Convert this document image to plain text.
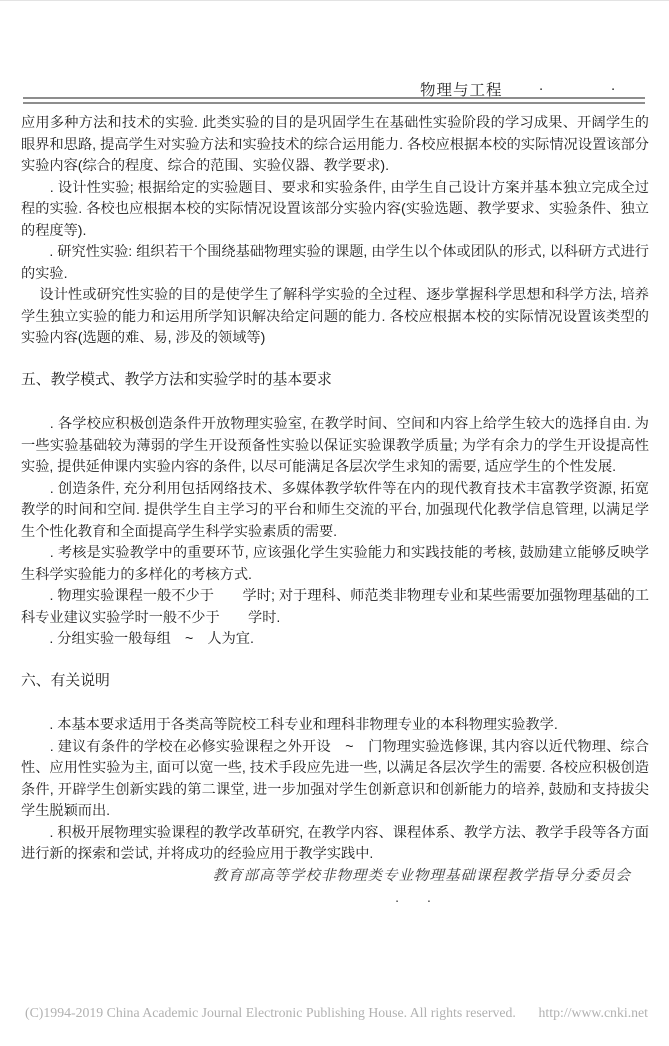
物理与工程 .	.

应用多种方法和技术的实验. 此类实验的目的是巩固学生在基础性实验阶段的学习成果、开阔学生的眼界和思路, 提高学生对实验方法和实验技术的综合运用能力. 各校应根据本校的实际情况设置该部分实验内容(综合的程度、综合的范围、实验仪器、教学要求).

　　. 设计性实验; 根据给定的实验题目、要求和实验条件, 由学生自己设计方案并基本独立完成全过程的实验. 各校也应根据本校的实际情况设置该部分实验内容(实验选题、教学要求、实验条件、独立的程度等).

　　. 研究性实验: 组织若干个围绕基础物理实验的课题, 由学生以个体或团队的形式, 以科研方式进行的实验.

　 设计性或研究性实验的目的是使学生了解科学实验的全过程、逐步掌握科学思想和科学方法, 培养学生独立实验的能力和运用所学知识解决给定问题的能力. 各校应根据本校的实际情况设置该类型的实验内容(选题的难、易, 涉及的领域等)

五、教学模式、教学方法和实验学时的基本要求

　　. 各学校应积极创造条件开放物理实验室, 在教学时间、空间和内容上给学生较大的选择自由. 为一些实验基础较为薄弱的学生开设预备性实验以保证实验课教学质量; 为学有余力的学生开设提高性实验, 提供延伸课内实验内容的条件, 以尽可能满足各层次学生求知的需要, 适应学生的个性发展.

　　. 创造条件, 充分利用包括网络技术、多媒体教学软件等在内的现代教育技术丰富教学资源, 拓宽教学的时间和空间. 提供学生自主学习的平台和师生交流的平台, 加强现代化教学信息管理, 以满足学生个性化教育和全面提高学生科学实验素质的需要.

　　. 考核是实验教学中的重要环节, 应该强化学生实验能力和实践技能的考核, 鼓励建立能够反映学生科学实验能力的多样化的考核方式.

　　. 物理实验课程一般不少于　　学时; 对于理科、师范类非物理专业和某些需要加强物理基础的工科专业建议实验学时一般不少于　　学时.

　　. 分组实验一般每组　~　人为宜.

六、有关说明

　　. 本基本要求适用于各类高等院校工科专业和理科非物理专业的本科物理实验教学.

　　. 建议有条件的学校在必修实验课程之外开设　~　门物理实验选修课, 其内容以近代物理、综合性、应用性实验为主, 面可以宽一些, 技术手段应先进一些, 以满足各层次学生的需要. 各校应积极创造条件, 开辟学生创新实践的第二课堂, 进一步加强对学生创新意识和创新能力的培养, 鼓励和支持拔尖学生脱颖而出.

　　. 积极开展物理实验课程的教学改革研究, 在教学内容、课程体系、教学方法、教学手段等各方面进行新的探索和尝试, 并将成功的经验应用于教学实践中.

教育部高等学校非物理类专业物理基础课程教学指导分委员会

.　　.

(C)1994-2019 China Academic Journal Electronic Publishing House. All rights reserved. http://www.cnki.net
